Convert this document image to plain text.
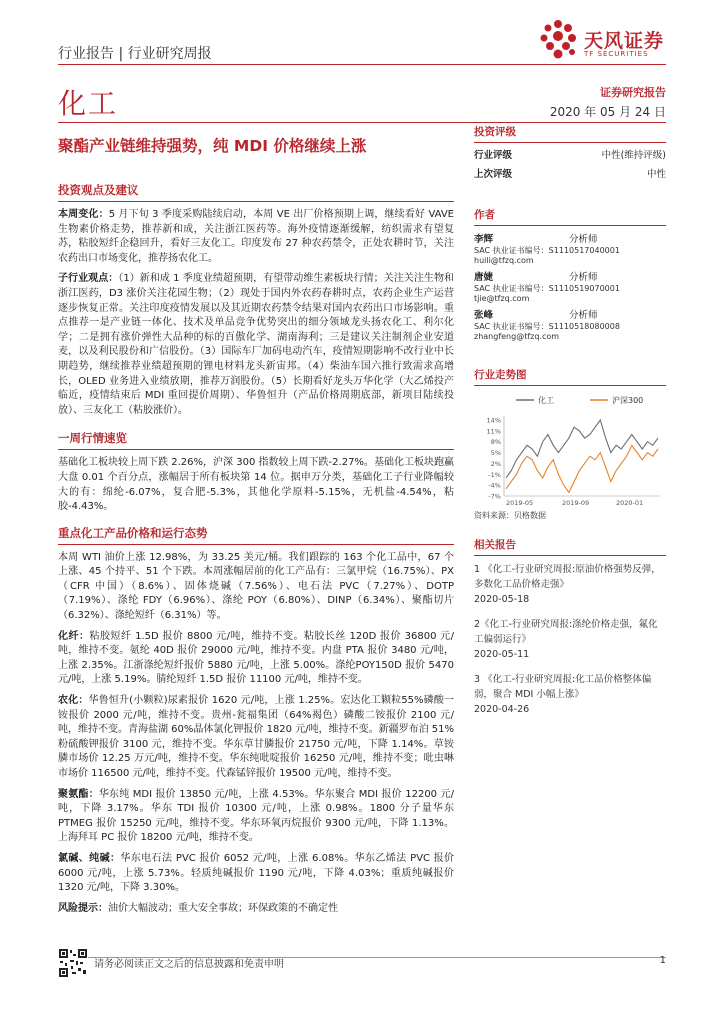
行业报告 | 行业研究周报
天风证券
TF SECURITIES
化工	证券研究报告
2020 年 05 月 24 日
聚酯产业链维持强势，纯 MDI 价格继续上涨
投资观点及建议
本周变化：5 月下旬 3 季度采购陆续启动，本周 VE 出厂价格预期上调，继续看好 VAVE 生物素价格走势，推荐新和成，关注浙江医药等。海外疫情逐渐缓解，纺织需求有望复苏，粘胶短纤企稳回升，看好三友化工。印度发布 27 种农药禁令，正处农耕时节，关注农药出口市场变化，推荐扬农化工。
子行业观点：（1）新和成 1 季度业绩超预期，有望带动维生素板块行情；关注关注生物和浙江医药，D3 涨价关注花园生物；（2）现处于国内外农药春耕时点，农药企业生产运营逐步恢复正常。关注印度疫情发展以及其近期农药禁令结果对国内农药出口市场影响。重点推荐一是产业链一体化、技术及单品竞争优势突出的细分领域龙头扬农化工、利尔化学；二是拥有涨价弹性大品种的标的百傲化学、湖南海利；三是建议关注制剂企业安道麦，以及利民股份和广信股份。（3）国际车厂加码电动汽车，疫情短期影响不改行业中长期趋势，继续推荐业绩超预期的锂电材料龙头新宙邦。（4）柴油车国六推行致需求高增长，OLED 业务进入业绩放期，推荐万润股份。（5）长期看好龙头万华化学（大乙烯投产临近，疫情结束后 MDI 重回提价周期）、华鲁恒升（产品价格周期底部，新项目陆续投放）、三友化工（粘胶涨价）。
一周行情速览
基础化工板块较上周下跌 2.26%，沪深 300 指数较上周下跌-2.27%。基础化工板块跑赢大盘 0.01 个百分点，涨幅居于所有板块第 14 位。据申万分类，基础化工子行业降幅较大的有：绵纶-6.07%，复合肥-5.3%，其他化学原料-5.15%，无机盐-4.54%，粘胶-4.43%。
重点化工产品价格和运行态势
本周 WTI 油价上涨 12.98%，为 33.25 美元/桶。我们跟踪的 163 个化工品中，67 个上涨、45 个持平、51 个下跌。本周涨幅居前的化工产品有：三氯甲烷（16.75%）、PX（CFR 中国）（8.6%）、固体烧碱（7.56%）、电石法 PVC（7.27%）、DOTP（7.19%）、涤纶 FDY（6.96%）、涤纶 POY（6.80%）、DINP（6.34%）、聚酯切片（6.32%）、涤纶短纤（6.31%）等。
化纤：粘胶短纤 1.5D 报价 8800 元/吨，维持不变。粘胶长丝 120D 报价 36800 元/吨，维持不变。氨纶 40D 报价 29000 元/吨，维持不变。内盘 PTA 报价 3480 元/吨，上涨 2.35%。江浙涤纶短纤报价 5880 元/吨，上涨 5.00%。涤纶POY150D 报价 5470 元/吨，上涨 5.19%。腈纶短纤 1.5D 报价 11100 元/吨，维持不变。
农化：华鲁恒升(小颗粒)尿素报价 1620 元/吨，上涨 1.25%。宏达化工颗粒55%磷酸一铵报价 2000 元/吨，维持不变。贵州-瓮福集团（64%褐色）磷酸二铵报价 2100 元/吨，维持不变。青海盐湖 60%晶体氯化钾报价 1820 元/吨，维持不变。新疆罗布泊 51%粉硫酸钾报价 3100 元，维持不变。华东草甘膦报价 21750 元/吨，下降 1.14%。草铵膦市场价 12.25 万元/吨，维持不变。华东纯吡啶报价 16250 元/吨，维持不变；吡虫啉市场价 116500 元/吨，维持不变。代森锰锌报价 19500 元/吨，维持不变。
聚氨酯：华东纯 MDI 报价 13850 元/吨，上涨 4.53%。华东聚合 MDI 报价 12200 元/吨，下降 3.17%。华东 TDI 报价 10300 元/吨，上涨 0.98%。1800 分子量华东 PTMEG 报价 15250 元/吨，维持不变。华东环氧丙烷报价 9300 元/吨，下降 1.13%。上海拜耳 PC 报价 18200 元/吨，维持不变。
氯碱、纯碱：华东电石法 PVC 报价 6052 元/吨，上涨 6.08%。华东乙烯法 PVC 报价 6000 元/吨，上涨 5.73%。轻质纯碱报价 1190 元/吨，下降 4.03%；重质纯碱报价 1320 元/吨，下降 3.30%。
风险提示：油价大幅波动；重大安全事故；环保政策的不确定性
投资评级
行业评级	中性(维持评级)
上次评级	中性
作者
李辉	分析师
SAC 执业证书编号：S1110517040001
huili@tfzq.com
唐婕	分析师
SAC 执业证书编号：S1110519070001
tjie@tfzq.com
张峰	分析师
SAC 执业证书编号：S1110518080008
zhangfeng@tfzq.com
行业走势图
化工	沪深300
14%
11%
8%
5%
2%
-1%
-4%
-7%
2019-05	2019-09	2020-01
资料来源：贝格数据
相关报告
1 《化工-行业研究周报:原油价格强势反弹，多数化工品价格走强》
2020-05-18
2《化工-行业研究周报:涤纶价格走强，氟化工偏弱运行》
2020-05-11
3 《化工-行业研究周报:化工品价格整体偏弱，聚合 MDI 小幅上涨》
2020-04-26
请务必阅读正文之后的信息披露和免责申明	1
